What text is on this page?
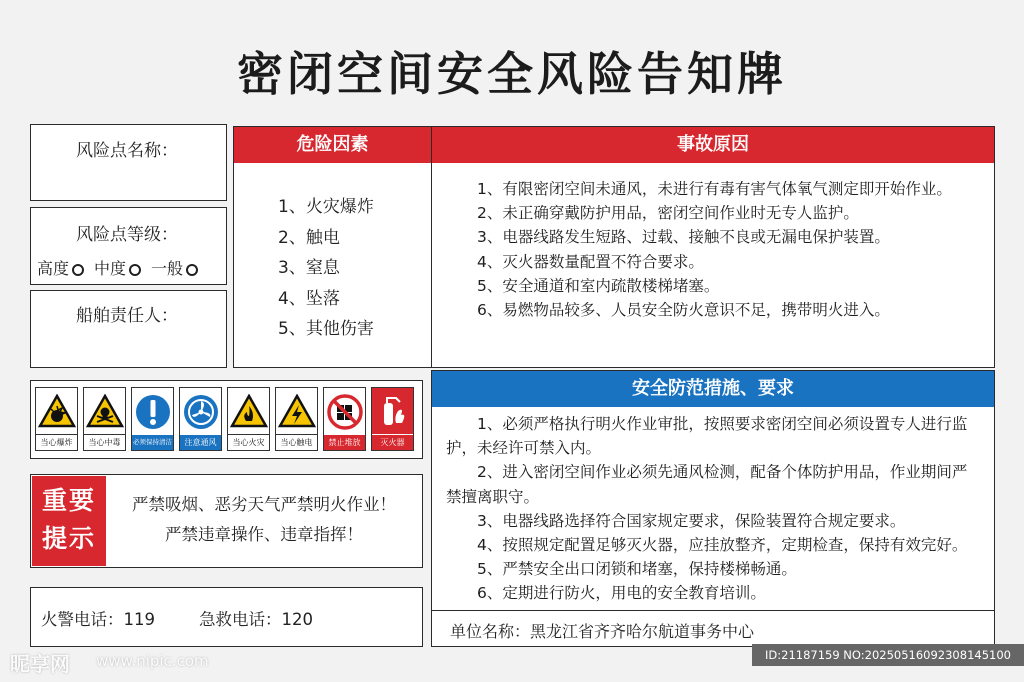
密闭空间安全风险告知牌
风险点名称：
风险点等级：
高度 中度 一般
船舶责任人：
危险因素
1、火灾爆炸
2、触电
3、窒息
4、坠落
5、其他伤害
事故原因
1、有限密闭空间未通风，未进行有毒有害气体氧气测定即开始作业。
2、未正确穿戴防护用品，密闭空间作业时无专人监护。
3、电器线路发生短路、过载、接触不良或无漏电保护装置。
4、灭火器数量配置不符合要求。
5、安全通道和室内疏散楼梯堵塞。
6、易燃物品较多、人员安全防火意识不足，携带明火进入。
安全防范措施、要求
1、必须严格执行明火作业审批，按照要求密闭空间必须设置专人进行监护，未经许可禁入内。
2、进入密闭空间作业必须先通风检测，配备个体防护用品，作业期间严禁擅离职守。
3、电器线路选择符合国家规定要求，保险装置符合规定要求。
4、按照规定配置足够灭火器，应挂放整齐，定期检查，保持有效完好。
5、严禁安全出口闭锁和堵塞，保持楼梯畅通。
6、定期进行防火，用电的安全教育培训。
单位名称：黑龙江省齐齐哈尔航道事务中心
当心爆炸	当心中毒	必须保持清洁	注意通风	当心火灾	当心触电	禁止堆放	灭火器
重要
提示
严禁吸烟、恶劣天气严禁明火作业！
严禁违章操作、违章指挥！
火警电话：119	急救电话：120
昵享网 www.nipic.com	ID:21187159 NO:20250516092308145100
